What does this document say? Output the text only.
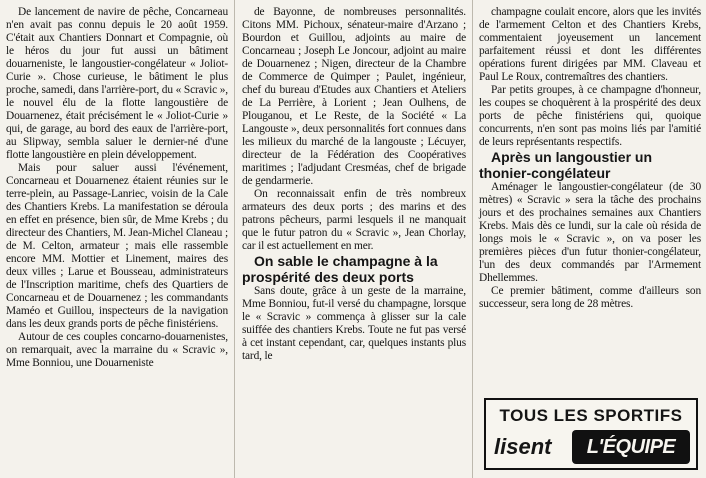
De lancement de navire de pêche, Concarneau n'en avait pas connu depuis le 20 août 1959. C'était aux Chantiers Donnart et Compagnie, où le héros du jour fut aussi un bâtiment douarneniste, le langoustier-congélateur « Joliot-Curie ». Chose curieuse, le bâtiment le plus proche, samedi, dans l'arrière-port, du « Scravic », le nouvel élu de la flotte langoustière de Douarnenez, était précisément le « Joliot-Curie » qui, de garage, au bord des eaux de l'arrière-port, au Slipway, sembla saluer le dernier-né d'une flotte langoustière en plein développement.

Mais pour saluer aussi l'événement, Concarneau et Douarnenez étaient réunies sur le terre-plein, au Passage-Lanriec, voisin de la Cale des Chantiers Krebs. La manifestation se déroula en effet en présence, bien sûr, de Mme Krebs ; du directeur des Chantiers, M. Jean-Michel Claneau ; de M. Celton, armateur ; mais elle rassemble encore MM. Mottier et Linement, maires des deux villes ; Larue et Bousseau, administrateurs de l'Inscription maritime, chefs des Quartiers de Concarneau et de Douarnenez ; les commandants Maméo et Guillou, inspecteurs de la navigation dans les deux grands ports de pêche finistériens.

Autour de ces couples concarno-douarnenistes, on remarquait, avec la marraine du « Scravic », Mme Bonniou, une Douarneniste

de Bayonne, de nombreuses personnalités. Citons MM. Pichoux, sénateur-maire d'Arzano ; Bourdon et Guillou, adjoints au maire de Concarneau ; Joseph Le Joncour, adjoint au maire de Douarnenez ; Nigen, directeur de la Chambre de Commerce de Quimper ; Paulet, ingénieur, chef du bureau d'Etudes aux Chantiers et Ateliers de La Perrière, à Lorient ; Jean Oulhens, de Plouganou, et Le Reste, de la Société « La Langouste », deux personnalités fort connues dans les milieux du marché de la langouste ; Lécuyer, directeur de la Fédération des Coopératives maritimes ; l'adjudant Cresméas, chef de brigade de gendarmerie.

On reconnaissait enfin de très nombreux armateurs des deux ports ; des marins et des patrons pêcheurs, parmi lesquels il ne manquait que le futur patron du « Scravic », Jean Chorlay, car il est actuellement en mer.

On sable le champagne à la prospérité des deux ports

Sans doute, grâce à un geste de la marraine, Mme Bonniou, fut-il versé du champagne, lorsque le « Scravic » commença à glisser sur la cale suiffée des chantiers Krebs. Toute ne fut pas versé à cet instant cependant, car, quelques instants plus tard, le

champagne coulait encore, alors que les invités de l'armement Celton et des Chantiers Krebs, commentaient joyeusement un lancement parfaitement réussi et dont les différentes opérations furent dirigées par MM. Claveau et Paul Le Roux, contremaîtres des chantiers.

Par petits groupes, à ce champagne d'honneur, les coupes se choquèrent à la prospérité des deux ports de pêche finistériens qui, quoique concurrents, n'en sont pas moins liés par l'amitié de leurs représentants respectifs.

Après un langoustier un thonier-congélateur

Aménager le langoustier-congélateur (de 30 mètres) « Scravic » sera la tâche des prochains jours et des prochaines semaines aux Chantiers Krebs. Mais dès ce lundi, sur la cale où résida de longs mois le « Scravic », on va poser les premières pièces d'un futur thonier-congélateur, l'un des deux commandés par l'Armement Dhellemmes.

Ce premier bâtiment, comme d'ailleurs son successeur, sera long de 28 mètres.

TOUS LES SPORTIFS
lisent	L'ÉQUIPE
